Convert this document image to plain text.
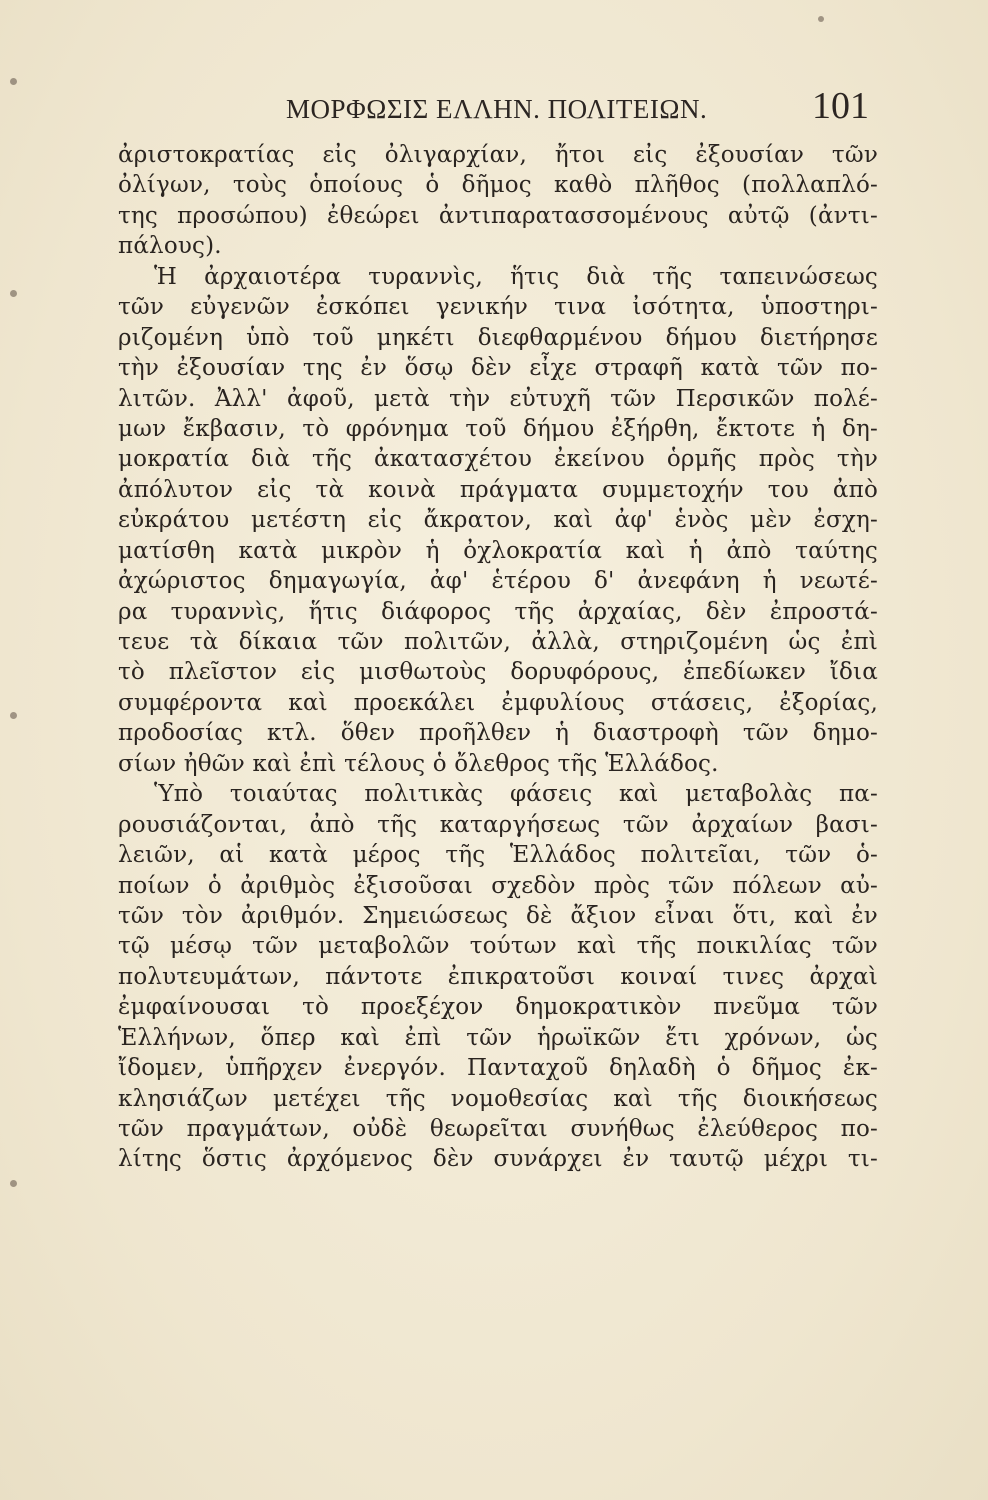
ΜΟΡΦΩΣΙΣ ΕΛΛΗΝ. ΠΟΛΙΤΕΙΩΝ.	101
ἀριστοκρατίας εἰς ὀλιγαρχίαν, ἤτοι εἰς ἐξουσίαν τῶν
ὀλίγων, τοὺς ὁποίους ὁ δῆμος καθὸ πλῆθος (πολλαπλό-
της προσώπου) ἐθεώρει ἀντιπαρατασσομένους αὐτῷ (ἀντι-
πάλους).
Ἡ ἀρχαιοτέρα τυραννὶς, ἥτις διὰ τῆς ταπεινώσεως
τῶν εὐγενῶν ἐσκόπει γενικήν τινα ἰσότητα, ὑποστηρι-
ριζομένη ὑπὸ τοῦ μηκέτι διεφθαρμένου δήμου διετήρησε
τὴν ἐξουσίαν της ἐν ὅσῳ δὲν εἶχε στραφῆ κατὰ τῶν πο-
λιτῶν. Ἀλλ' ἀφοῦ, μετὰ τὴν εὐτυχῆ τῶν Περσικῶν πολέ-
μων ἔκβασιν, τὸ φρόνημα τοῦ δήμου ἐξήρθη, ἔκτοτε ἡ δη-
μοκρατία διὰ τῆς ἀκατασχέτου ἐκείνου ὁρμῆς πρὸς τὴν
ἀπόλυτον εἰς τὰ κοινὰ πράγματα συμμετοχήν του ἀπὸ
εὐκράτου μετέστη εἰς ἄκρατον, καὶ ἀφ' ἑνὸς μὲν ἐσχη-
ματίσθη κατὰ μικρὸν ἡ ὀχλοκρατία καὶ ἡ ἀπὸ ταύτης
ἀχώριστος δημαγωγία, ἀφ' ἑτέρου δ' ἀνεφάνη ἡ νεωτέ-
ρα τυραννὶς, ἥτις διάφορος τῆς ἀρχαίας, δὲν ἐπροστά-
τευε τὰ δίκαια τῶν πολιτῶν, ἀλλὰ, στηριζομένη ὡς ἐπὶ
τὸ πλεῖστον εἰς μισθωτοὺς δορυφόρους, ἐπεδίωκεν ἴδια
συμφέροντα καὶ προεκάλει ἐμφυλίους στάσεις, ἐξορίας,
προδοσίας κτλ. ὅθεν προῆλθεν ἡ διαστροφὴ τῶν δημο-
σίων ἠθῶν καὶ ἐπὶ τέλους ὁ ὄλεθρος τῆς Ἑλλάδος.
Ὑπὸ τοιαύτας πολιτικὰς φάσεις καὶ μεταβολὰς πα-
ρουσιάζονται, ἀπὸ τῆς καταργήσεως τῶν ἀρχαίων βασι-
λειῶν, αἱ κατὰ μέρος τῆς Ἑλλάδος πολιτεῖαι, τῶν ὁ-
ποίων ὁ ἀριθμὸς ἐξισοῦσαι σχεδὸν πρὸς τῶν πόλεων αὐ-
τῶν τὸν ἀριθμόν. Σημειώσεως δὲ ἄξιον εἶναι ὅτι, καὶ ἐν
τῷ μέσῳ τῶν μεταβολῶν τούτων καὶ τῆς ποικιλίας τῶν
πολυτευμάτων, πάντοτε ἐπικρατοῦσι κοιναί τινες ἀρχαὶ
ἐμφαίνουσαι τὸ προεξέχον δημοκρατικὸν πνεῦμα τῶν
Ἑλλήνων, ὅπερ καὶ ἐπὶ τῶν ἡρωϊκῶν ἔτι χρόνων, ὡς
ἴδομεν, ὑπῆρχεν ἐνεργόν. Πανταχοῦ δηλαδὴ ὁ δῆμος ἐκ-
κλησιάζων μετέχει τῆς νομοθεσίας καὶ τῆς διοικήσεως
τῶν πραγμάτων, οὐδὲ θεωρεῖται συνήθως ἐλεύθερος πο-
λίτης ὅστις ἀρχόμενος δὲν συνάρχει ἐν ταυτῷ μέχρι τι-
